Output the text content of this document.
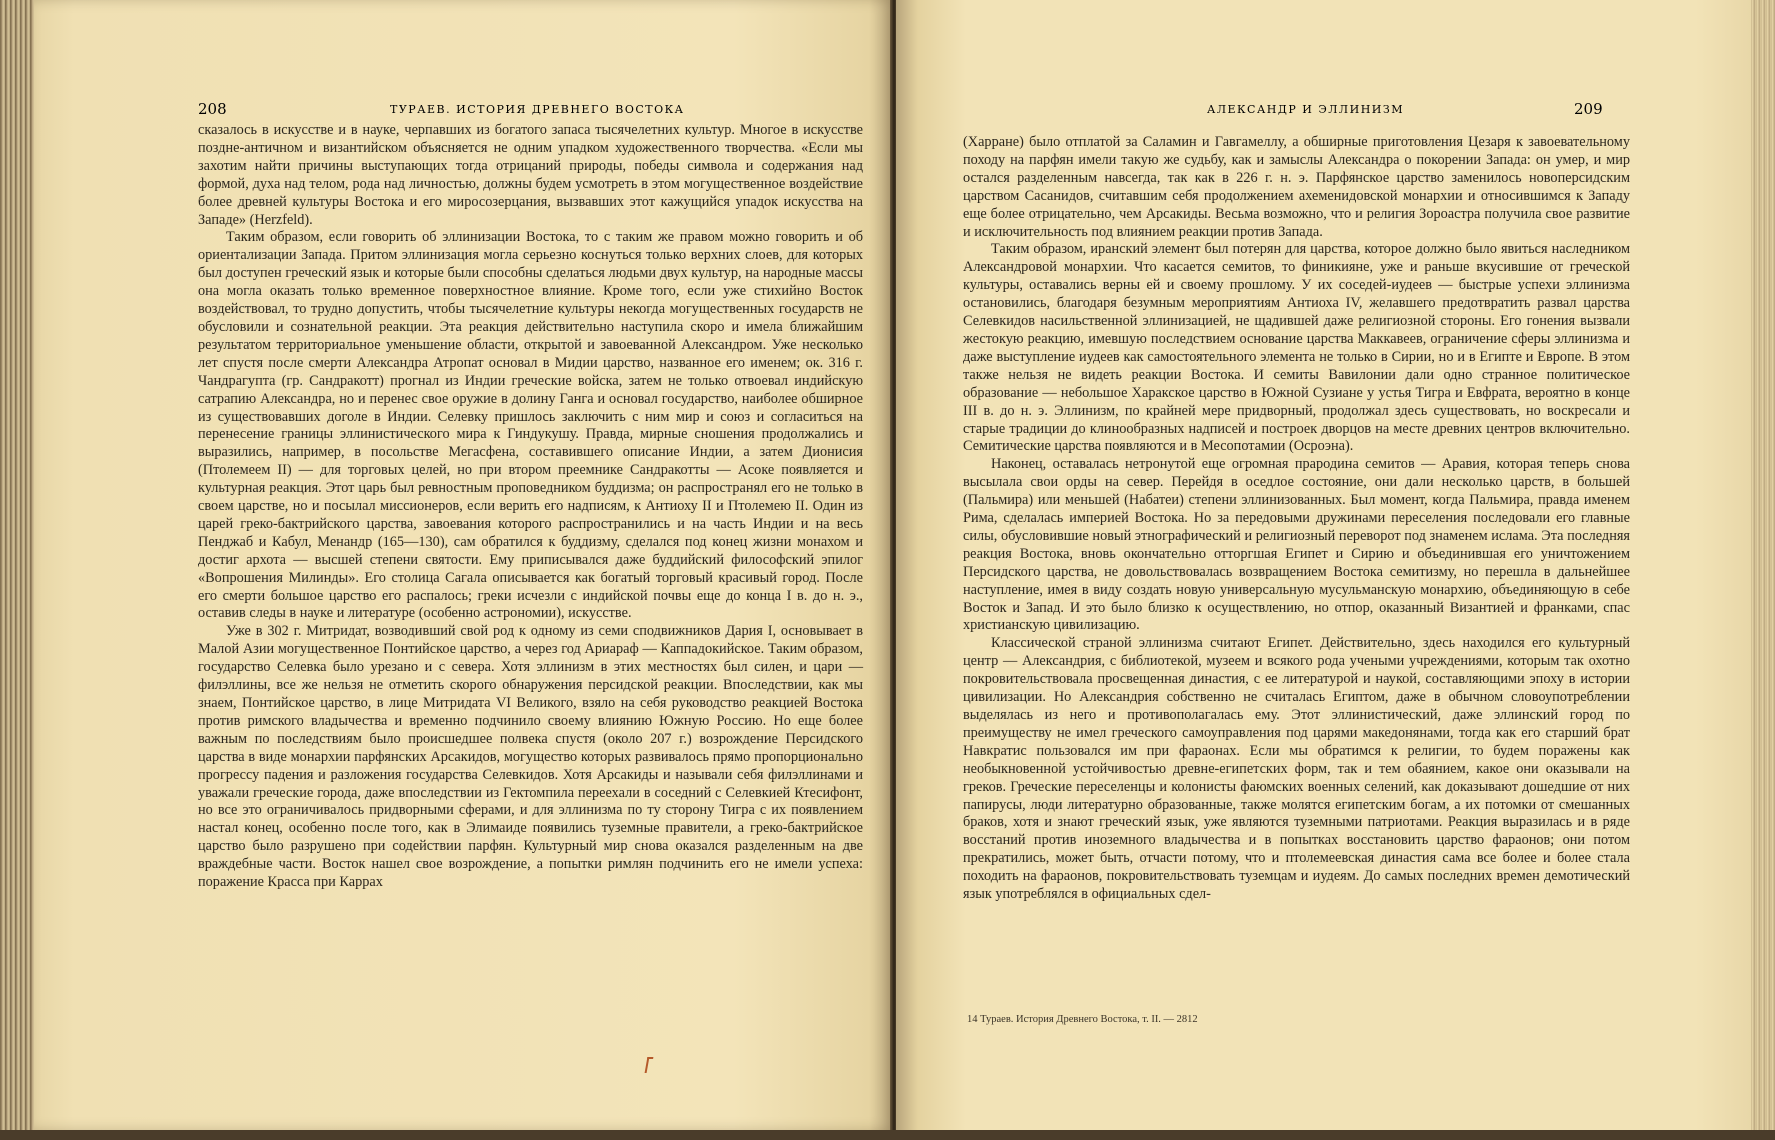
208	ТУРАЕВ. ИСТОРИЯ ДРЕВНЕГО ВОСТОКА

сказалось в искусстве и в науке, черпавших из богатого запаса тысячелетних культур. Многое в искусстве поздне-античном и византийском объясняется не одним упадком художественного творчества. «Если мы захотим найти причины выступающих тогда отрицаний природы, победы символа и содержания над формой, духа над телом, рода над личностью, должны будем усмотреть в этом могущественное воздействие более древней культуры Востока и его миросозерцания, вызвавших этот кажущийся упадок искусства на Западе» (Herzfeld).

Таким образом, если говорить об эллинизации Востока, то с таким же правом можно говорить и об ориентализации Запада. Притом эллинизация могла серьезно коснуться только верхних слоев, для которых был доступен греческий язык и которые были способны сделаться людьми двух культур, на народные массы она могла оказать только временное поверхностное влияние. Кроме того, если уже стихийно Восток воздействовал, то трудно допустить, чтобы тысячелетние культуры некогда могущественных государств не обусловили и сознательной реакции. Эта реакция действительно наступила скоро и имела ближайшим результатом территориальное уменьшение области, открытой и завоеванной Александром. Уже несколько лет спустя после смерти Александра Атропат основал в Мидии царство, названное его именем; ок. 316 г. Чандрагупта (гр. Сандракотт) прогнал из Индии греческие войска, затем не только отвоевал индийскую сатрапию Александра, но и перенес свое оружие в долину Ганга и основал государство, наиболее обширное из существовавших доголе в Индии. Селевку пришлось заключить с ним мир и союз и согласиться на перенесение границы эллинистического мира к Гиндукушу. Правда, мирные сношения продолжались и выразились, например, в посольстве Мегасфена, составившего описание Индии, а затем Дионисия (Птолемеем II) — для торговых целей, но при втором преемнике Сандракотты — Асоке появляется и культурная реакция. Этот царь был ревностным проповедником буддизма; он распространял его не только в своем царстве, но и посылал миссионеров, если верить его надписям, к Антиоху II и Птолемею II. Один из царей греко-бактрийского царства, завоевания которого распространились и на часть Индии и на весь Пенджаб и Кабул, Менандр (165—130), сам обратился к буддизму, сделался под конец жизни монахом и достиг архота — высшей степени святости. Ему приписывался даже буддийский философский эпилог «Вопрошения Милинды». Его столица Сагала описывается как богатый торговый красивый город. После его смерти большое царство его распалось; греки исчезли с индийской почвы еще до конца I в. до н. э., оставив следы в науке и литературе (особенно астрономии), искусстве.

Уже в 302 г. Митридат, возводивший свой род к одному из семи сподвижников Дария I, основывает в Малой Азии могущественное Понтийское царство, а через год Ариараф — Каппадокийское. Таким образом, государство Селевка было урезано и с севера. Хотя эллинизм в этих местностях был силен, и цари — филэллины, все же нельзя не отметить скорого обнаружения персидской реакции. Впоследствии, как мы знаем, Понтийское царство, в лице Митридата VI Великого, взяло на себя руководство реакцией Востока против римского владычества и временно подчинило своему влиянию Южную Россию. Но еще более важным по последствиям было происшедшее полвека спустя (около 207 г.) возрождение Персидского царства в виде монархии парфянских Арсакидов, могущество которых развивалось прямо пропорционально прогрессу падения и разложения государства Селевкидов. Хотя Арсакиды и называли себя филэллинами и уважали греческие города, даже впоследствии из Гектомпила переехали в соседний с Селевкией Ктесифонт, но все это ограничивалось придворными сферами, и для эллинизма по ту сторону Тигра с их появлением настал конец, особенно после того, как в Элимаиде появились туземные правители, а греко-бактрийское царство было разрушено при содействии парфян. Культурный мир снова оказался разделенным на две враждебные части. Восток нашел свое возрождение, а попытки римлян подчинить его не имели успеха: поражение Красса при Каррах

АЛЕКСАНДР И ЭЛЛИНИЗМ	209

(Харране) было отплатой за Саламин и Гавгамеллу, а обширные приготовления Цезаря к завоевательному походу на парфян имели такую же судьбу, как и замыслы Александра о покорении Запада: он умер, и мир остался разделенным навсегда, так как в 226 г. н. э. Парфянское царство заменилось новоперсидским царством Сасанидов, считавшим себя продолжением ахеменидовской монархии и относившимся к Западу еще более отрицательно, чем Арсакиды. Весьма возможно, что и религия Зороастра получила свое развитие и исключительность под влиянием реакции против Запада.

Таким образом, иранский элемент был потерян для царства, которое должно было явиться наследником Александровой монархии. Что касается семитов, то финикияне, уже и раньше вкусившие от греческой культуры, оставались верны ей и своему прошлому. У их соседей-иудеев — быстрые успехи эллинизма остановились, благодаря безумным мероприятиям Антиоха IV, желавшего предотвратить развал царства Селевкидов насильственной эллинизацией, не щадившей даже религиозной стороны. Его гонения вызвали жестокую реакцию, имевшую последствием основание царства Маккавеев, ограничение сферы эллинизма и даже выступление иудеев как самостоятельного элемента не только в Сирии, но и в Египте и Европе. В этом также нельзя не видеть реакции Востока. И семиты Вавилонии дали одно странное политическое образование — небольшое Харакское царство в Южной Сузиане у устья Тигра и Евфрата, вероятно в конце III в. до н. э. Эллинизм, по крайней мере придворный, продолжал здесь существовать, но воскресали и старые традиции до клинообразных надписей и построек дворцов на месте древних центров включительно. Семитические царства появляются и в Месопотамии (Осроэна).

Наконец, оставалась нетронутой еще огромная прародина семитов — Аравия, которая теперь снова высылала свои орды на север. Перейдя в оседлое состояние, они дали несколько царств, в большей (Пальмира) или меньшей (Набатеи) степени эллинизованных. Был момент, когда Пальмира, правда именем Рима, сделалась империей Востока. Но за передовыми дружинами переселения последовали его главные силы, обусловившие новый этнографический и религиозный переворот под знаменем ислама. Эта последняя реакция Востока, вновь окончательно отторгшая Египет и Сирию и объединившая его уничтожением Персидского царства, не довольствовалась возвращением Востока семитизму, но перешла в дальнейшее наступление, имея в виду создать новую универсальную мусульманскую монархию, объединяющую в себе Восток и Запад. И это было близко к осуществлению, но отпор, оказанный Византией и франками, спас христианскую цивилизацию.

Классической страной эллинизма считают Египет. Действительно, здесь находился его культурный центр — Александрия, с библиотекой, музеем и всякого рода учеными учреждениями, которым так охотно покровительствовала просвещенная династия, с ее литературой и наукой, составляющими эпоху в истории цивилизации. Но Александрия собственно не считалась Египтом, даже в обычном словоупотреблении выделялась из него и противополагалась ему. Этот эллинистический, даже эллинский город по преимуществу не имел греческого самоуправления под царями македонянами, тогда как его старший брат Навкратис пользовался им при фараонах. Если мы обратимся к религии, то будем поражены как необыкновенной устойчивостью древне-египетских форм, так и тем обаянием, какое они оказывали на греков. Греческие переселенцы и колонисты фаюмских военных селений, как доказывают дошедшие от них папирусы, люди литературно образованные, также молятся египетским богам, а их потомки от смешанных браков, хотя и знают греческий язык, уже являются туземными патриотами. Реакция выразилась и в ряде восстаний против иноземного владычества и в попытках восстановить царство фараонов; они потом прекратились, может быть, отчасти потому, что и птолемеевская династия сама все более и более стала походить на фараонов, покровительствовать туземцам и иудеям. До самых последних времен демотический язык употреблялся в официальных сдел-

14 Тураев. История Древнего Востока, т. II. — 2812
